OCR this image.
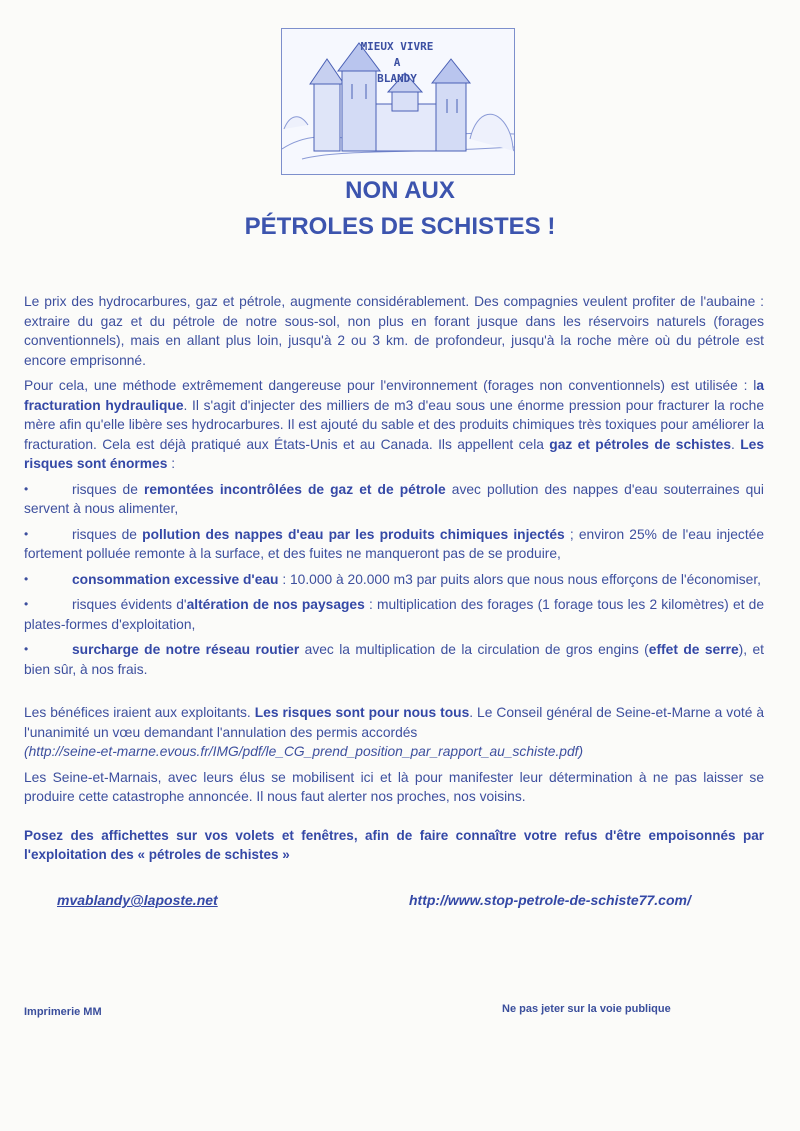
MIEUX VIVRE
A
BLANDY
NON AUX
PÉTROLES DE SCHISTES !

Le prix des hydrocarbures, gaz et pétrole, augmente considérablement. Des compagnies veulent profiter de l'aubaine : extraire du gaz et du pétrole de notre sous-sol, non plus en forant jusque dans les réservoirs naturels (forages conventionnels), mais en allant plus loin, jusqu'à 2 ou 3 km. de profondeur, jusqu'à la roche mère où du pétrole est encore emprisonné.

Pour cela, une méthode extrêmement dangereuse pour l'environnement (forages non conventionnels) est utilisée : la fracturation hydraulique. Il s'agit d'injecter des milliers de m3 d'eau sous une énorme pression pour fracturer la roche mère afin qu'elle libère ses hydrocarbures. Il est ajouté du sable et des produits chimiques très toxiques pour améliorer la fracturation. Cela est déjà pratiqué aux États-Unis et au Canada. Ils appellent cela gaz et pétroles de schistes. Les risques sont énormes :

•	risques de remontées incontrôlées de gaz et de pétrole avec pollution des nappes d'eau souterraines qui servent à nous alimenter,
•	risques de pollution des nappes d'eau par les produits chimiques injectés ; environ 25% de l'eau injectée fortement polluée remonte à la surface, et des fuites ne manqueront pas de se produire,
•	consommation excessive d'eau : 10.000 à 20.000 m3 par puits alors que nous nous efforçons de l'économiser,
•	risques évidents d'altération de nos paysages : multiplication des forages (1 forage tous les 2 kilomètres) et de plates-formes d'exploitation,
•	surcharge de notre réseau routier avec la multiplication de la circulation de gros engins (effet de serre), et bien sûr, à nos frais.

Les bénéfices iraient aux exploitants. Les risques sont pour nous tous. Le Conseil général de Seine-et-Marne a voté à l'unanimité un vœu demandant l'annulation des permis accordés
(http://seine-et-marne.evous.fr/IMG/pdf/le_CG_prend_position_par_rapport_au_schiste.pdf)

Les Seine-et-Marnais, avec leurs élus se mobilisent ici et là pour manifester leur détermination à ne pas laisser se produire cette catastrophe annoncée. Il nous faut alerter nos proches, nos voisins.

Posez des affichettes sur vos volets et fenêtres, afin de faire connaître votre refus d'être empoisonnés par l'exploitation des « pétroles de schistes »
mvablandy@laposte.net	http://www.stop-petrole-de-schiste77.com/
Imprimerie MM	Ne pas jeter sur la voie publique
